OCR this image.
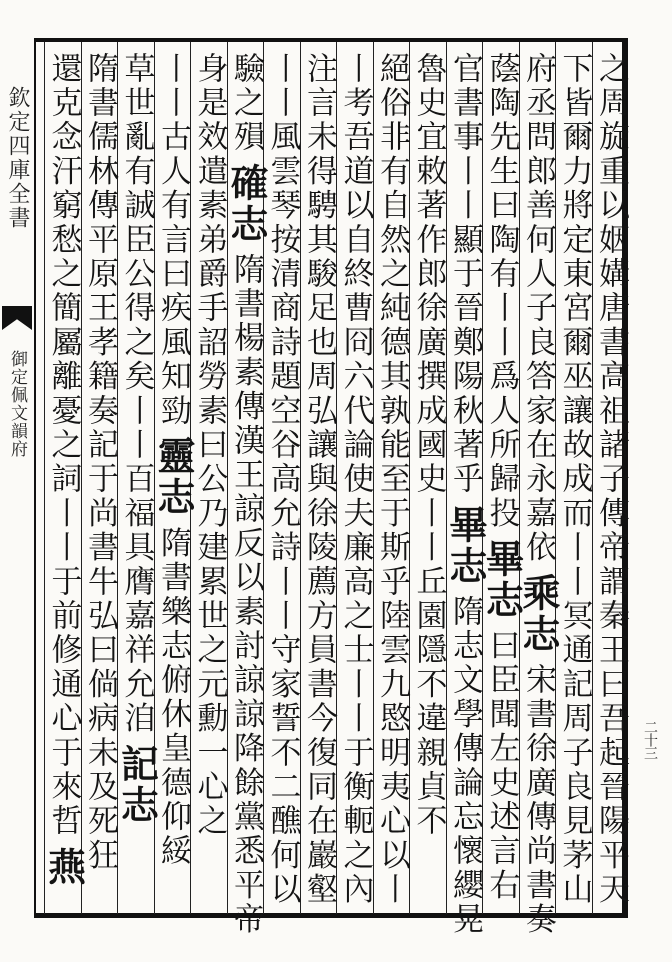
欽定四庫全書
御定佩文韻府	之周旋重以姻媾唐書高祖諸子傳帝謂秦王曰吾起晉陽平天
下皆爾力將定東宮爾巫讓故成而丨丨冥通記周子良見茅山
府丞問郎善何人子良答家在永嘉依乘志宋書徐廣傳尚書奏
蔭陶先生曰陶有丨丨爲人所歸投畢志曰臣聞左史述言右
官書事丨丨顯于晉鄭陽秋著乎畢志隋志文學傳論忘懷纓晃
魯史宜敕著作郎徐廣撰成國史丨丨丘園隱不違親貞不
絕俗非有自然之純德其孰能至于斯乎陸雲九愍明夷心以丨
丨考吾道以自終曹冏六代論使夫廉高之士丨丨于衡軛之內
注言未得騁其駿足也周弘讓與徐陵薦方員書今復同在巖壑
丨丨風雲琴按清商詩題空谷高允詩丨丨守家誓不二醮何以
驗之殞確志隋書楊素傳漢王諒反以素討諒諒降餘黨悉平帝
身是效遣素弟爵手詔勞素曰公乃建累世之元勳一心之
丨丨古人有言曰疾風知勁靈志隋書樂志俯休皇德仰綏
草世亂有誠臣公得之矣丨丨百福具膺嘉祥允洎記志
隋書儒林傳平原王孝籍奏記于尚書牛弘曰倘病未及死狂
還克念汗窮愁之簡屬離憂之詞丨丨于前修通心于來哲燕
二十三
